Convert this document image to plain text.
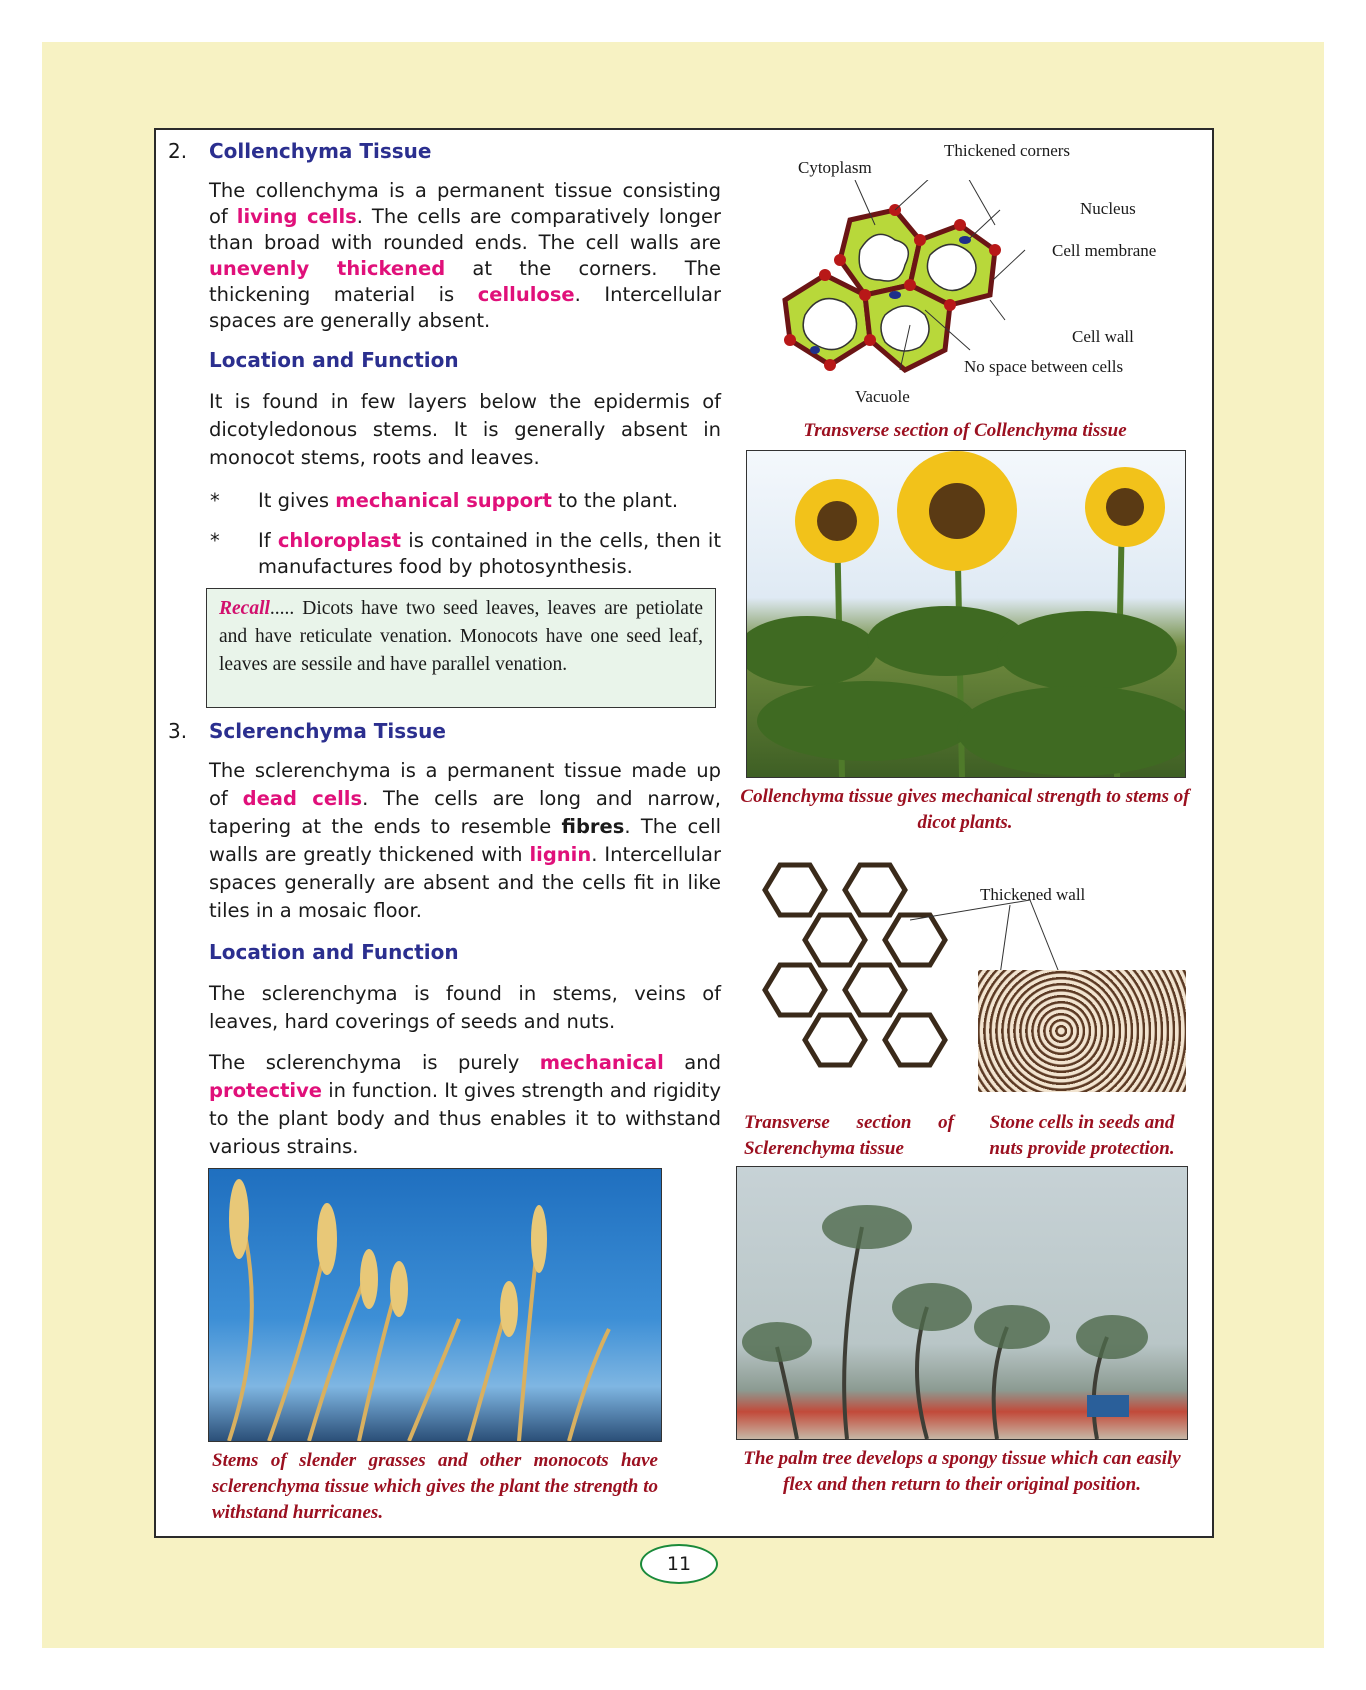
2. Collenchyma Tissue
The collenchyma is a permanent tissue consisting of living cells. The cells are comparatively longer than broad with rounded ends. The cell walls are unevenly thickened at the corners. The thickening material is cellulose. Intercellular spaces are generally absent.
Location and Function
It is found in few layers below the epidermis of dicotyledonous stems. It is generally absent in monocot stems, roots and leaves.
* It gives mechanical support to the plant.
* If chloroplast is contained in the cells, then it manufactures food by photosynthesis.
Recall..... Dicots have two seed leaves, leaves are petiolate and have reticulate venation. Monocots have one seed leaf, leaves are sessile and have parallel venation.
3. Sclerenchyma Tissue
The sclerenchyma is a permanent tissue made up of dead cells. The cells are long and narrow, tapering at the ends to resemble fibres. The cell walls are greatly thickened with lignin. Intercellular spaces generally are absent and the cells fit in like tiles in a mosaic floor.
Location and Function
The sclerenchyma is found in stems, veins of leaves, hard coverings of seeds and nuts.
The sclerenchyma is purely mechanical and protective in function. It gives strength and rigidity to the plant body and thus enables it to withstand various strains.
Cytoplasm
Thickened corners
Nucleus
Cell membrane
Cell wall
No space between cells
Vacuole
Transverse section of Collenchyma tissue
Collenchyma tissue gives mechanical strength to stems of dicot plants.
Thickened wall
Transverse section of Sclerenchyma tissue
Stone cells in seeds and nuts provide protection.
Stems of slender grasses and other monocots have sclerenchyma tissue which gives the plant the strength to withstand hurricanes.
The palm tree develops a spongy tissue which can easily flex and then return to their original position.
11
